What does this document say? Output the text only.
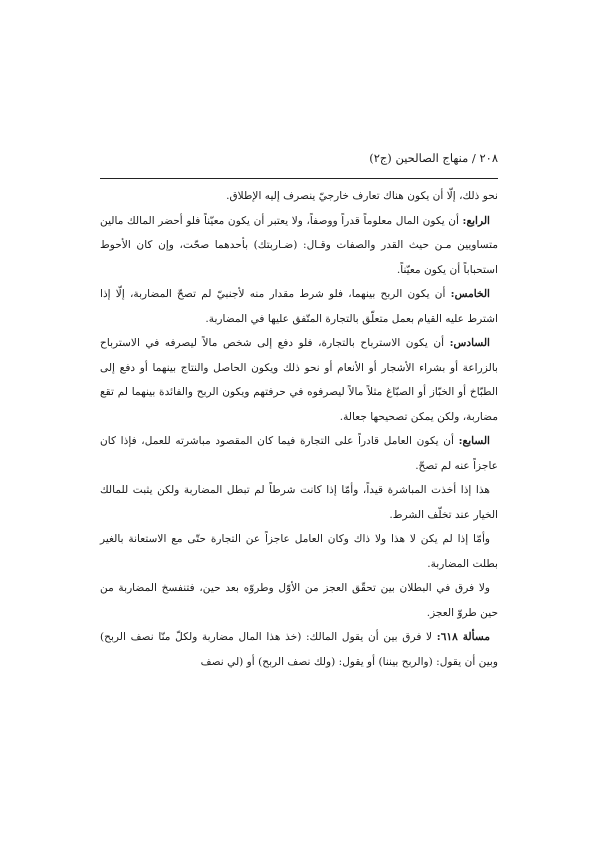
٢٠٨ / منهاج الصالحين (ج٢)

نحو ذلك، إلّا أن يكون هناك تعارف خارجيّ ينصرف إليه الإطلاق.

الرابع: أن يكون المال معلوماً قدراً ووصفاً، ولا يعتبر أن يكون معيّناً فلو أحضر المالك مالين متساويين مـن حيث القدر والصفات وقـال: (ضـاربتك) بأحدهما صحّت، وإن كان الأحوط استحباباً أن يكون معيّناً.

الخامس: أن يكون الربح بينهما، فلو شرط مقدار منه لأجنبيّ لم تصحّ المضاربة، إلّا إذا اشترط عليه القيام بعمل متعلّق بالتجارة المتّفق عليها في المضاربة.

السادس: أن يكون الاسترباح بالتجارة، فلو دفع إلى شخص مالاً ليصرفه في الاسترباح بالزراعة أو بشراء الأشجار أو الأنعام أو نحو ذلك ويكون الحاصل والنتاج بينهما أو دفع إلى الطبّاخ أو الخبّاز أو الصبّاغ مثلاً مالاً ليصرفوه في حرفتهم ويكون الربح والفائدة بينهما لم تقع مضاربة، ولكن يمكن تصحيحها جعالة.

السابع: أن يكون العامل قادراً على التجارة فيما كان المقصود مباشرته للعمل، فإذا كان عاجزاً عنه لم تصحّ.

هذا إذا أخذت المباشرة قيداً، وأمّا إذا كانت شرطاً لم تبطل المضاربة ولكن يثبت للمالك الخيار عند تخلّف الشرط.

وأمّا إذا لم يكن لا هذا ولا ذاك وكان العامل عاجزاً عن التجارة حتّى مع الاستعانة بالغير بطلت المضاربة.

ولا فرق في البطلان بين تحقّق العجز من الأوّل وطروّه بعد حين، فتنفسخ المضاربة من حين طروّ العجز.

مسألة ٦١٨: لا فرق بين أن يقول المالك: (خذ هذا المال مضاربة ولكلّ منّا نصف الربح) وبين أن يقول: (والربح بيننا) أو يقول: (ولك نصف الربح) أو (لي نصف
